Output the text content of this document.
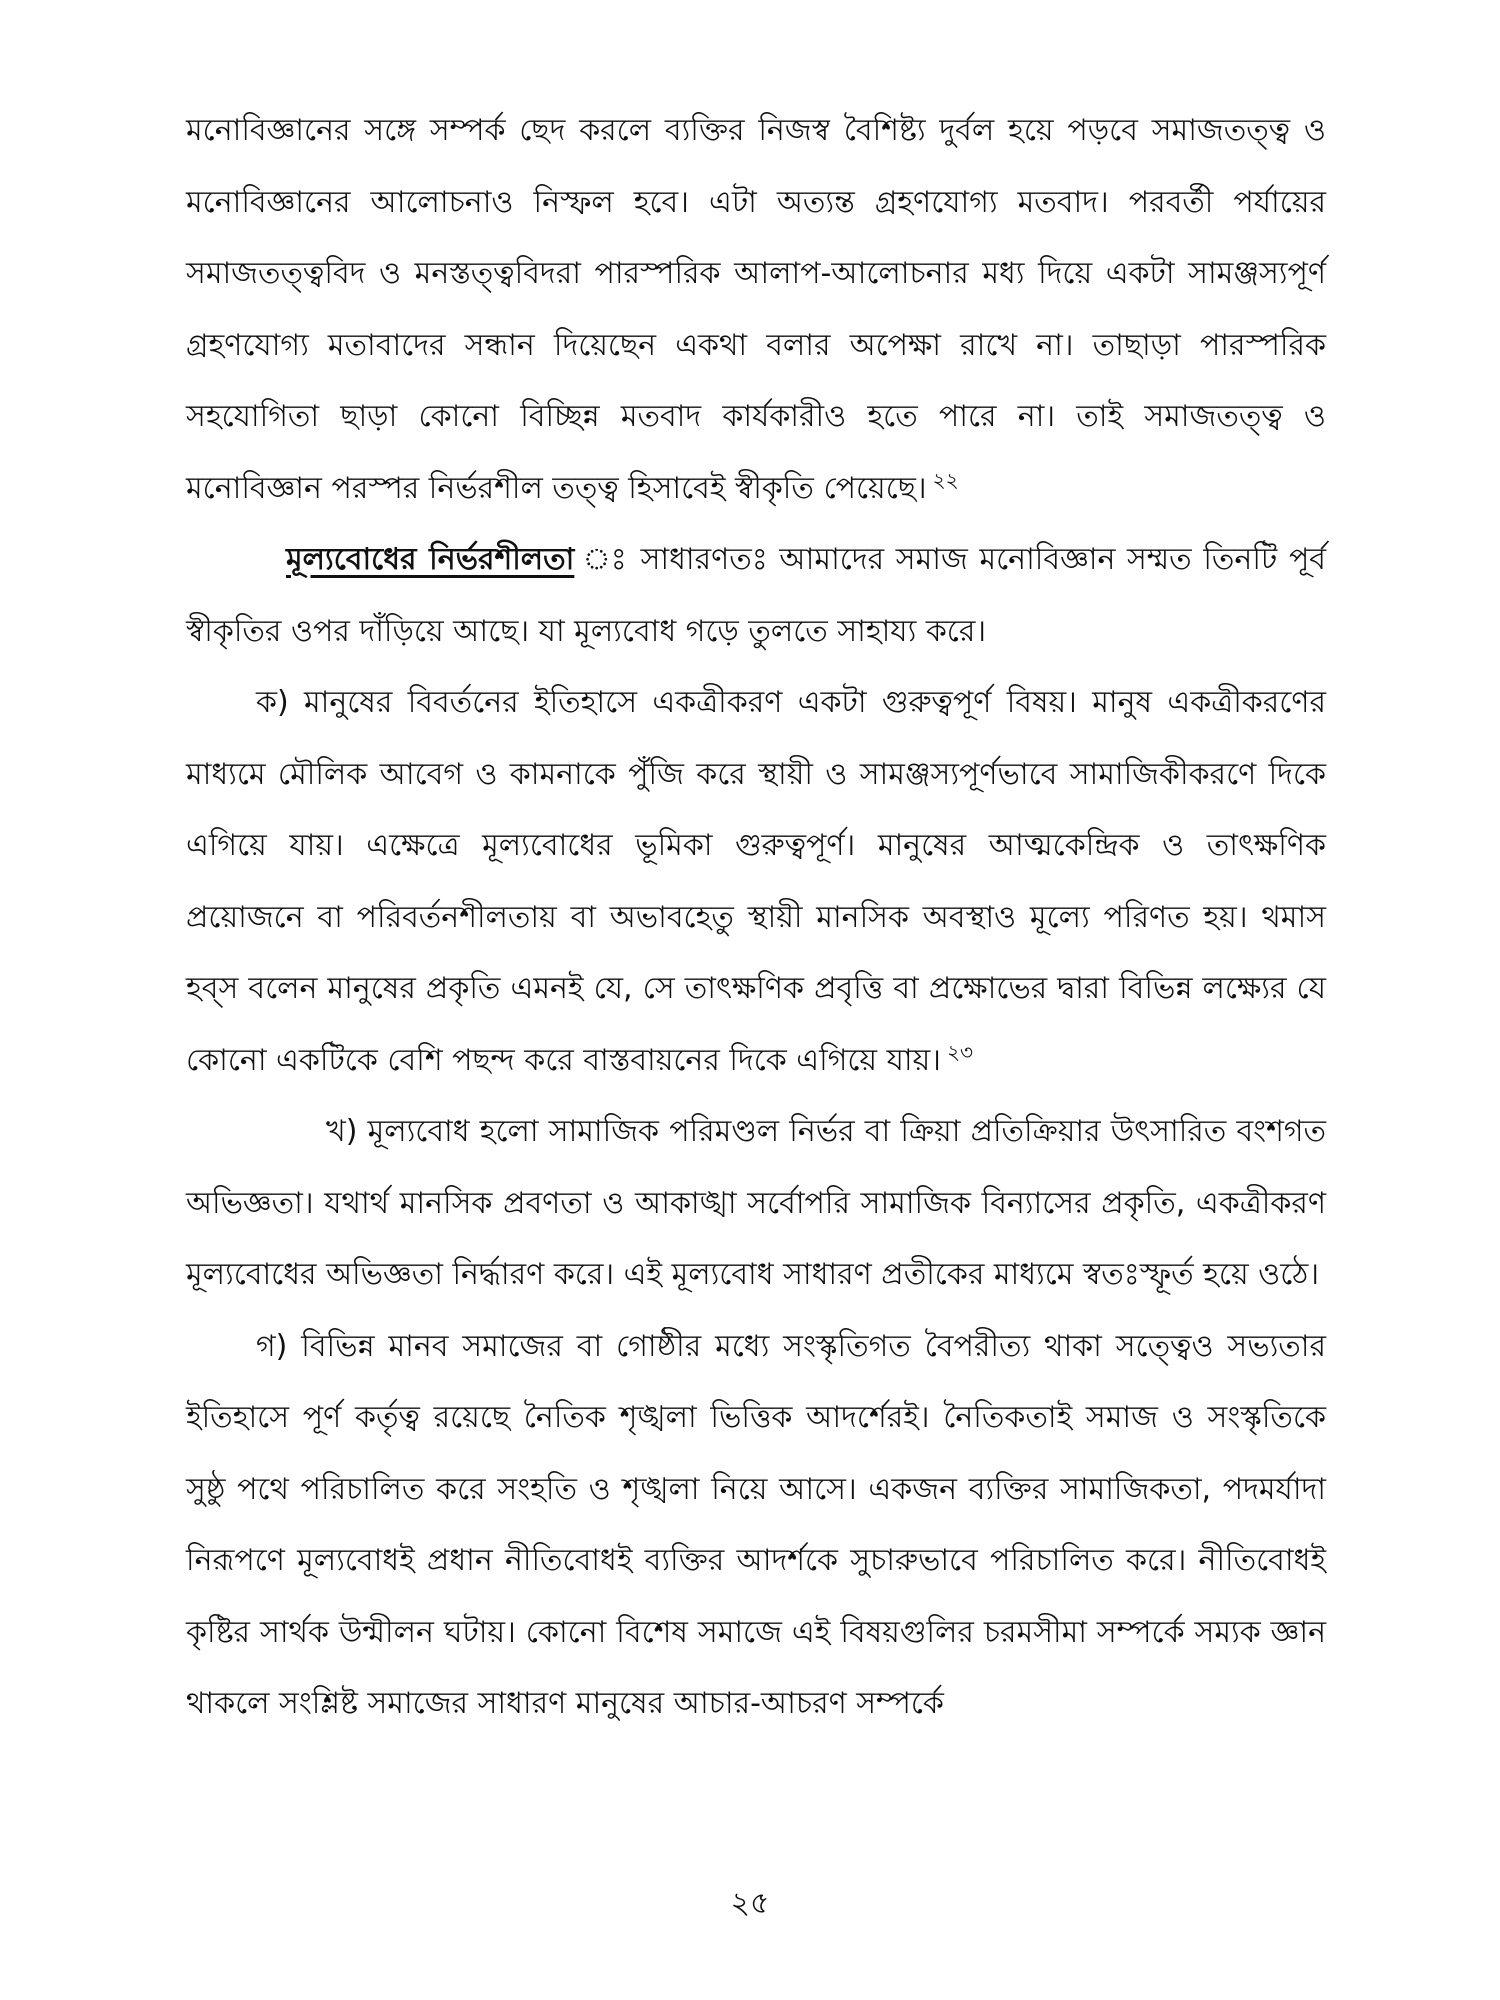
মনোবিজ্ঞানের সঙ্গে সম্পর্ক ছেদ করলে ব্যক্তির নিজস্ব বৈশিষ্ট্য দুর্বল হয়ে পড়বে সমাজতত্ত্ব ও মনোবিজ্ঞানের আলোচনাও নিস্ফল হবে। এটা অত্যন্ত গ্রহণযোগ্য মতবাদ। পরবর্তী পর্যায়ের সমাজতত্ত্ববিদ ও মনস্তত্ত্ববিদরা পারস্পরিক আলাপ-আলোচনার মধ্য দিয়ে একটা সামঞ্জস্যপূর্ণ গ্রহণযোগ্য মতাবাদের সন্ধান দিয়েছেন একথা বলার অপেক্ষা রাখে না। তাছাড়া পারস্পরিক সহযোগিতা ছাড়া কোনো বিচ্ছিন্ন মতবাদ কার্যকারীও হতে পারে না। তাই সমাজতত্ত্ব ও মনোবিজ্ঞান পরস্পর নির্ভরশীল তত্ত্ব হিসাবেই স্বীকৃতি পেয়েছে। $^{২২}$

মূল্যবোধের নির্ভরশীলতা ঃ সাধারণতঃ আমাদের সমাজ মনোবিজ্ঞান সম্মত তিনটি পূর্ব স্বীকৃতির ওপর দাঁড়িয়ে আছে। যা মূল্যবোধ গড়ে তুলতে সাহায্য করে।

ক) মানুষের বিবর্তনের ইতিহাসে একত্রীকরণ একটা গুরুত্বপূর্ণ বিষয়। মানুষ একত্রীকরণের মাধ্যমে মৌলিক আবেগ ও কামনাকে পুঁজি করে স্থায়ী ও সামঞ্জস্যপূর্ণভাবে সামাজিকীকরণে দিকে এগিয়ে যায়। এক্ষেত্রে মূল্যবোধের ভূমিকা গুরুত্বপূর্ণ। মানুষের আত্মকেন্দ্রিক ও তাৎক্ষণিক প্রয়োজনে বা পরিবর্তনশীলতায় বা অভাবহেতু স্থায়ী মানসিক অবস্থাও মূল্যে পরিণত হয়। থমাস হব্‌স বলেন মানুষের প্রকৃতি এমনই যে, সে তাৎক্ষণিক প্রবৃত্তি বা প্রক্ষোভের দ্বারা বিভিন্ন লক্ষ্যের যে কোনো একটিকে বেশি পছন্দ করে বাস্তবায়নের দিকে এগিয়ে যায়। $^{২৩}$

খ) মূল্যবোধ হলো সামাজিক পরিমণ্ডল নির্ভর বা ক্রিয়া প্রতিক্রিয়ার উৎসারিত বংশগত অভিজ্ঞতা। যথার্থ মানসিক প্রবণতা ও আকাঙ্খা সর্বোপরি সামাজিক বিন্যাসের প্রকৃতি, একত্রীকরণ মূল্যবোধের অভিজ্ঞতা নির্দ্ধারণ করে। এই মূল্যবোধ সাধারণ প্রতীকের মাধ্যমে স্বতঃস্ফূর্ত হয়ে ওঠে।

গ) বিভিন্ন মানব সমাজের বা গোষ্ঠীর মধ্যে সংস্কৃতিগত বৈপরীত্য থাকা সত্ত্বেও সভ্যতার ইতিহাসে পূর্ণ কর্তৃত্ব রয়েছে নৈতিক শৃঙ্খলা ভিত্তিক আদর্শেরই। নৈতিকতাই সমাজ ও সংস্কৃতিকে সুষ্ঠু পথে পরিচালিত করে সংহতি ও শৃঙ্খলা নিয়ে আসে। একজন ব্যক্তির সামাজিকতা, পদমর্যাদা নিরূপণে মূল্যবোধই প্রধান নীতিবোধই ব্যক্তির আদর্শকে সুচারুভাবে পরিচালিত করে। নীতিবোধই কৃষ্টির সার্থক উন্মীলন ঘটায়। কোনো বিশেষ সমাজে এই বিষয়গুলির চরমসীমা সম্পর্কে সম্যক জ্ঞান থাকলে সংশ্লিষ্ট সমাজের সাধারণ মানুষের আচার-আচরণ সম্পর্কে

২৫
